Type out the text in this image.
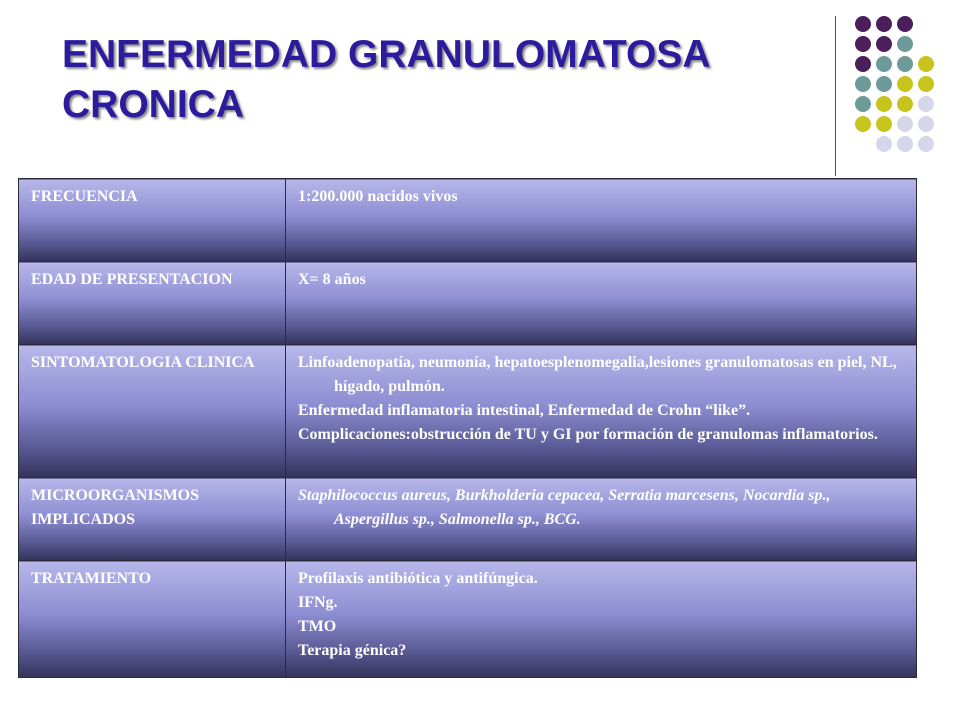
ENFERMEDAD GRANULOMATOSA CRONICA
FRECUENCIA	1:200.000 nacidos vivos

EDAD DE PRESENTACION	X= 8 años

SINTOMATOLOGIA CLINICA	Linfoadenopatía, neumonía, hepatoesplenomegalia,lesiones granulomatosas en piel, NL, hígado, pulmón.
Enfermedad inflamatoria intestinal, Enfermedad de Crohn “like”.
Complicaciones:obstrucción de TU y GI por formación de granulomas inflamatorios.

MICROORGANISMOS IMPLICADOS	Staphilococcus aureus, Burkholderia cepacea, Serratia marcesens, Nocardia sp., Aspergillus sp., Salmonella sp., BCG.

TRATAMIENTO	Profilaxis antibiótica y antifúngica.
IFNg.
TMO
Terapia génica?
